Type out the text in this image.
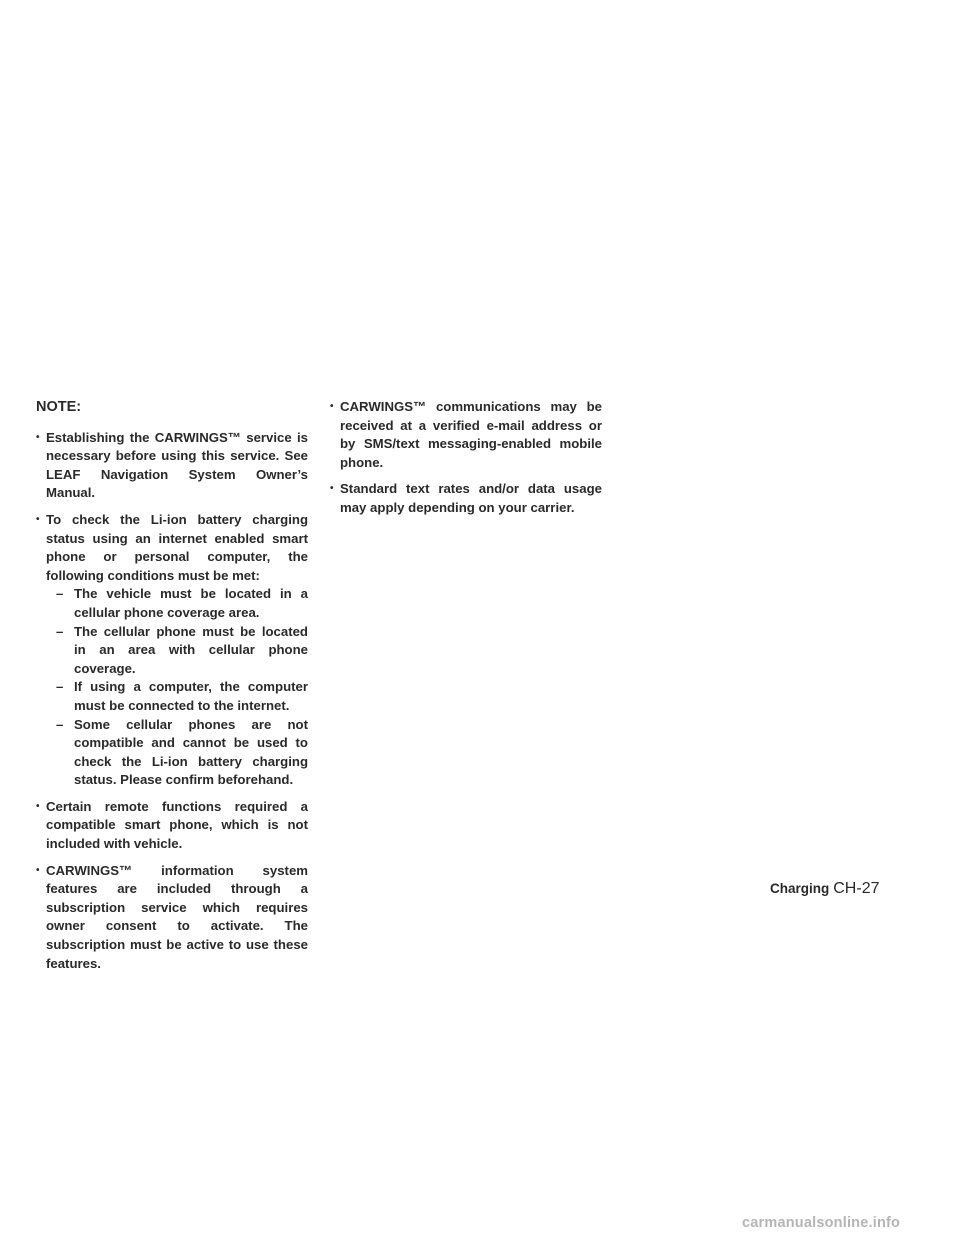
NOTE:
• Establishing the CARWINGS™ service is necessary before using this service. See LEAF Navigation System Owner’s Manual.
• To check the Li-ion battery charging status using an internet enabled smart phone or personal computer, the following conditions must be met:
– The vehicle must be located in a cellular phone coverage area.
– The cellular phone must be located in an area with cellular phone coverage.
– If using a computer, the computer must be connected to the internet.
– Some cellular phones are not compatible and cannot be used to check the Li-ion battery charging status. Please confirm beforehand.
• Certain remote functions required a compatible smart phone, which is not included with vehicle.
• CARWINGS™ information system features are included through a subscription service which requires owner consent to activate. The subscription must be active to use these features.
• CARWINGS™ communications may be received at a verified e-mail address or by SMS/text messaging-enabled mobile phone.
• Standard text rates and/or data usage may apply depending on your carrier.
Charging CH-27
carmanualsonline.info
